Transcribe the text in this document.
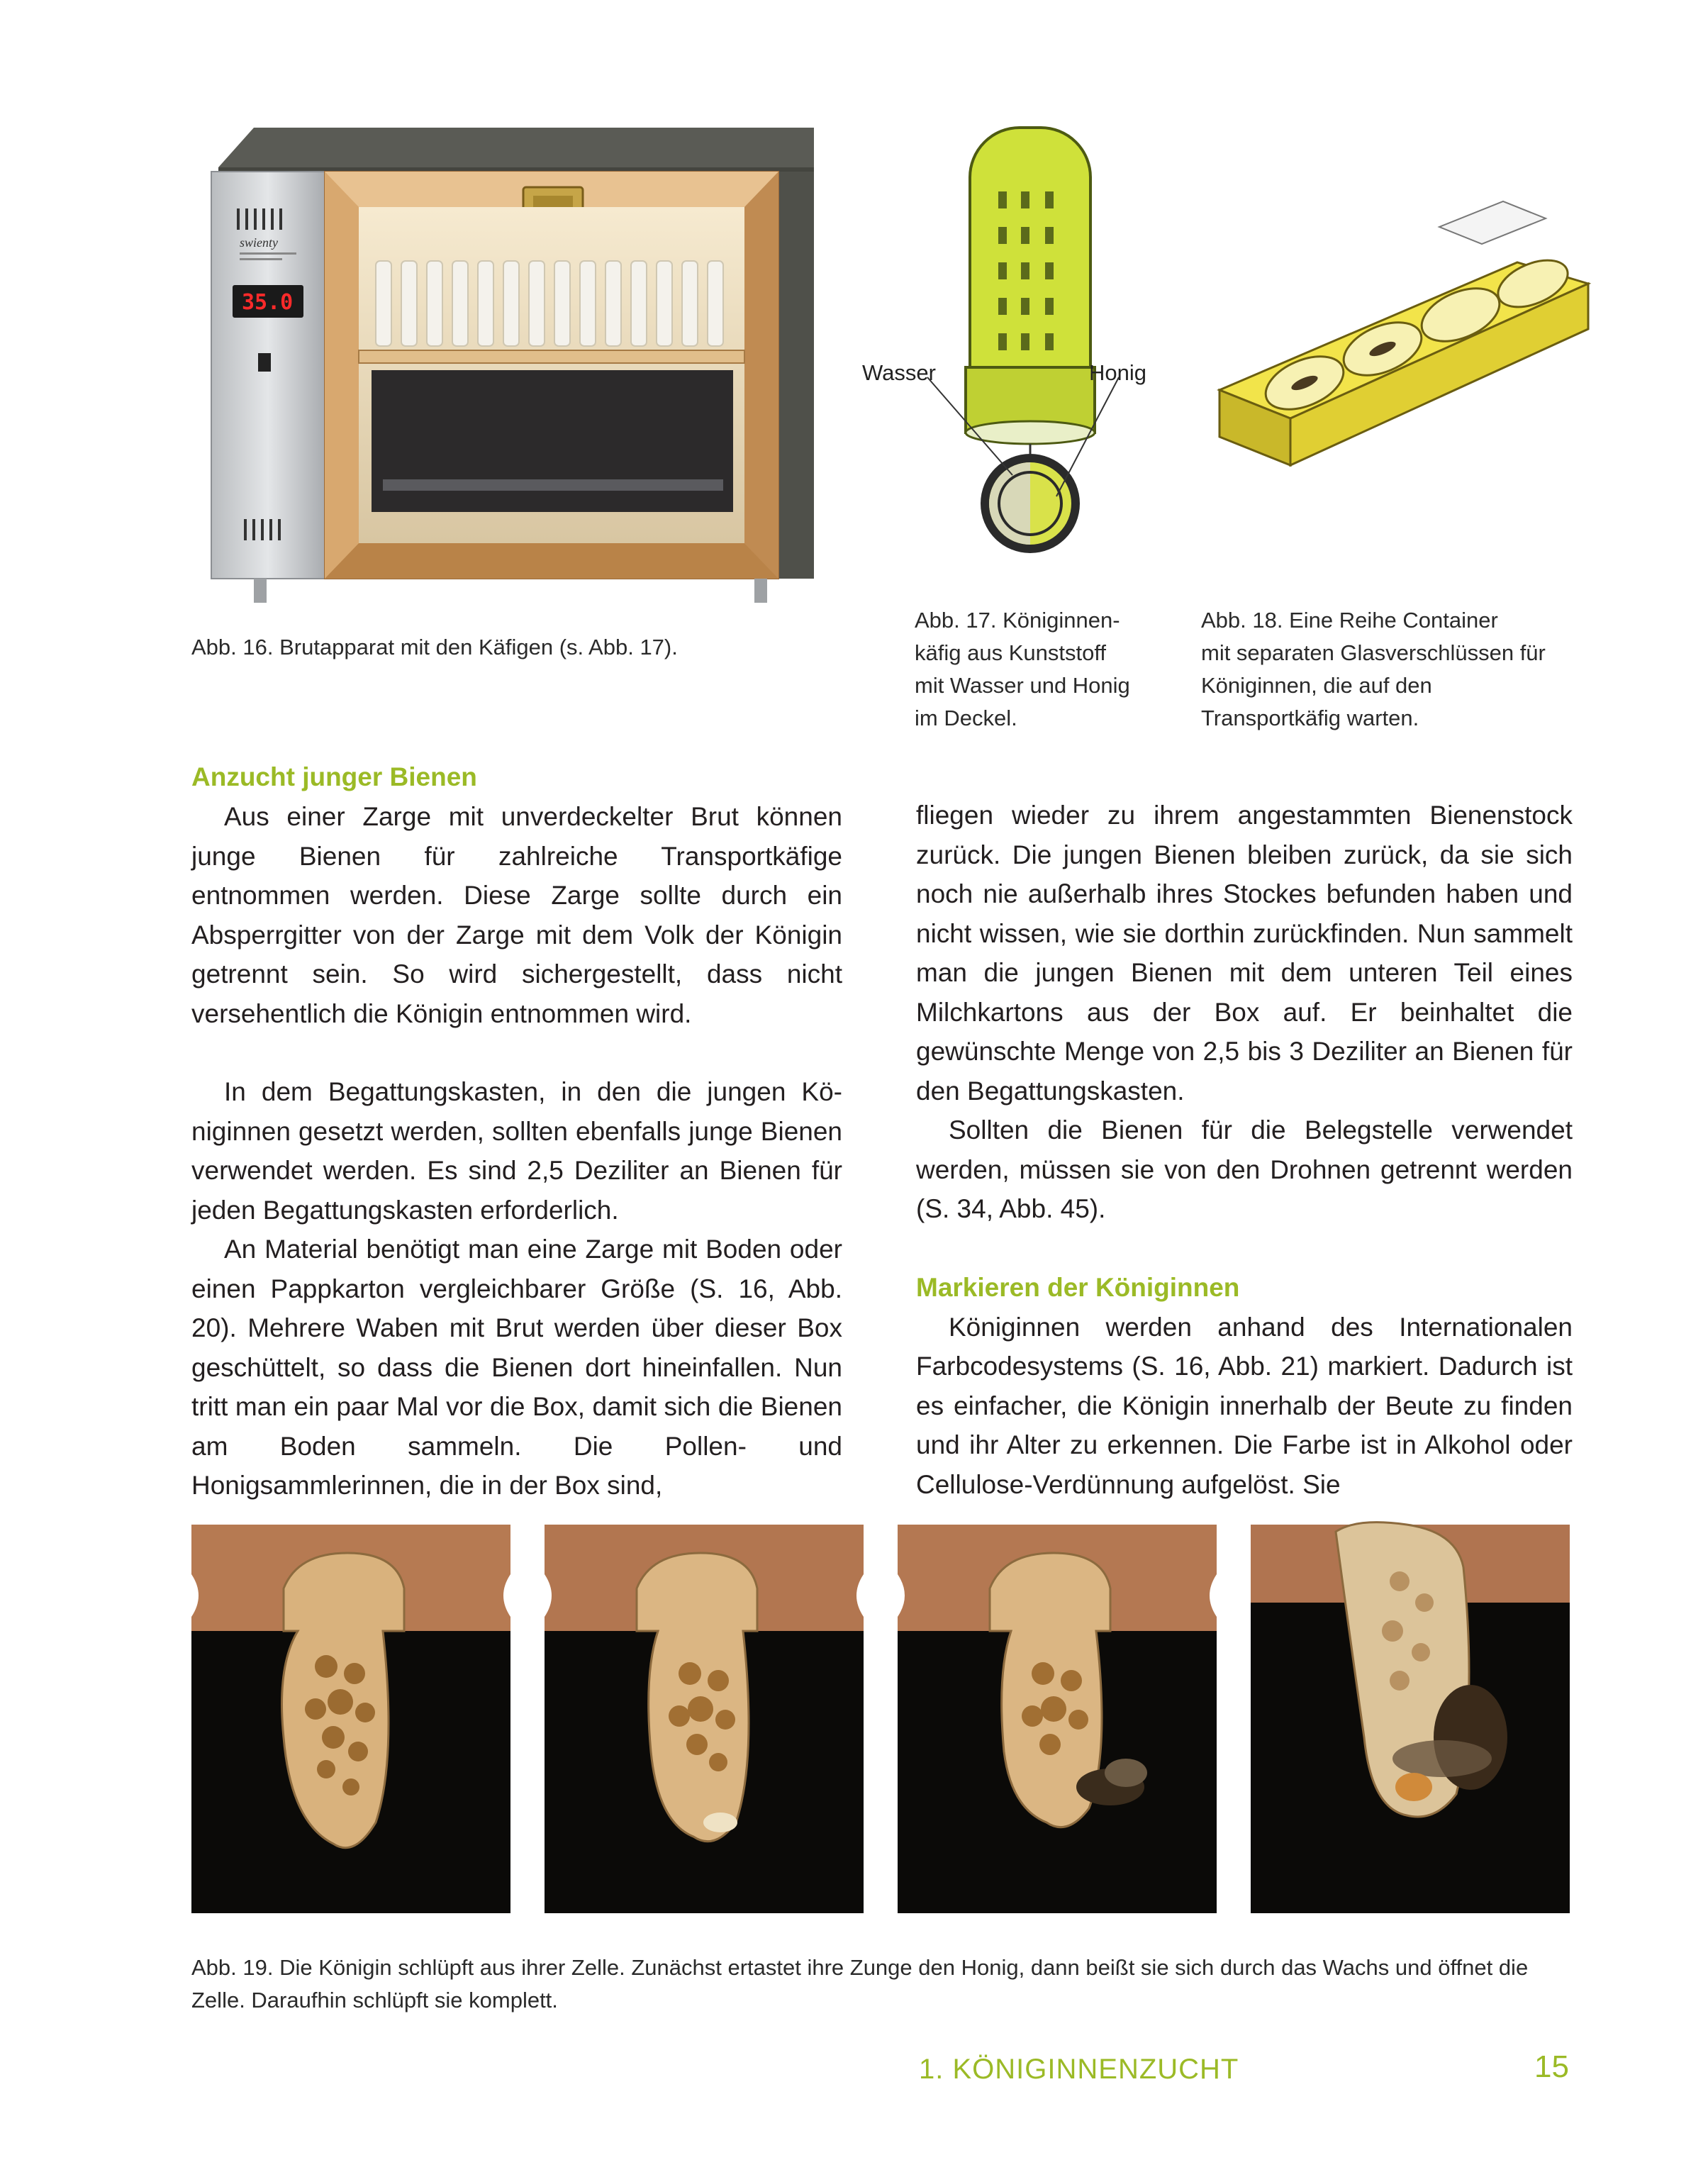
swienty
35.0

Abb. 16. Brutapparat mit den Käfigen (s. Abb. 17).

Wasser	Honig

Abb. 17. Königinnen-
käfig aus Kunststoff
mit Wasser und Honig
im Deckel.

Abb. 18. Eine Reihe Container
mit separaten Glasverschlüssen für
Königinnen, die auf den
Transportkäfig warten.

Anzucht junger Bienen

Aus einer Zarge mit unverdeckelter Brut können junge Bienen für zahlreiche Transportkäfige entnommen werden. Diese Zarge sollte durch ein Absperrgitter von der Zarge mit dem Volk der Königin getrennt sein. So wird sichergestellt, dass nicht versehentlich die Königin entnommen wird.

In dem Begattungskasten, in den die jungen Königinnen gesetzt werden, sollten ebenfalls junge Bienen verwendet werden. Es sind 2,5 Deziliter an Bienen für jeden Begattungskasten erforderlich.

An Material benötigt man eine Zarge mit Boden oder einen Pappkarton vergleichbarer Größe (S. 16, Abb. 20). Mehrere Waben mit Brut werden über dieser Box geschüttelt, so dass die Bienen dort hineinfallen. Nun tritt man ein paar Mal vor die Box, damit sich die Bienen am Boden sammeln. Die Pollen- und Honigsammlerinnen, die in der Box sind,

fliegen wieder zu ihrem angestammten Bienenstock zurück. Die jungen Bienen bleiben zurück, da sie sich noch nie außerhalb ihres Stockes befunden haben und nicht wissen, wie sie dorthin zurückfinden. Nun sammelt man die jungen Bienen mit dem unteren Teil eines Milchkartons aus der Box auf. Er beinhaltet die gewünschte Menge von 2,5 bis 3 Deziliter an Bienen für den Begattungskasten.

Sollten die Bienen für die Belegstelle verwendet werden, müssen sie von den Drohnen getrennt werden (S. 34, Abb. 45).

Markieren der Königinnen

Königinnen werden anhand des Internationalen Farbcodesystems (S. 16, Abb. 21) markiert. Dadurch ist es einfacher, die Königin innerhalb der Beute zu finden und ihr Alter zu erkennen. Die Farbe ist in Alkohol oder Cellulose-Verdünnung aufgelöst. Sie

Abb. 19. Die Königin schlüpft aus ihrer Zelle. Zunächst ertastet ihre Zunge den Honig, dann beißt sie sich durch das Wachs und öffnet die Zelle. Daraufhin schlüpft sie komplett.

1. KÖNIGINNENZUCHT	15
